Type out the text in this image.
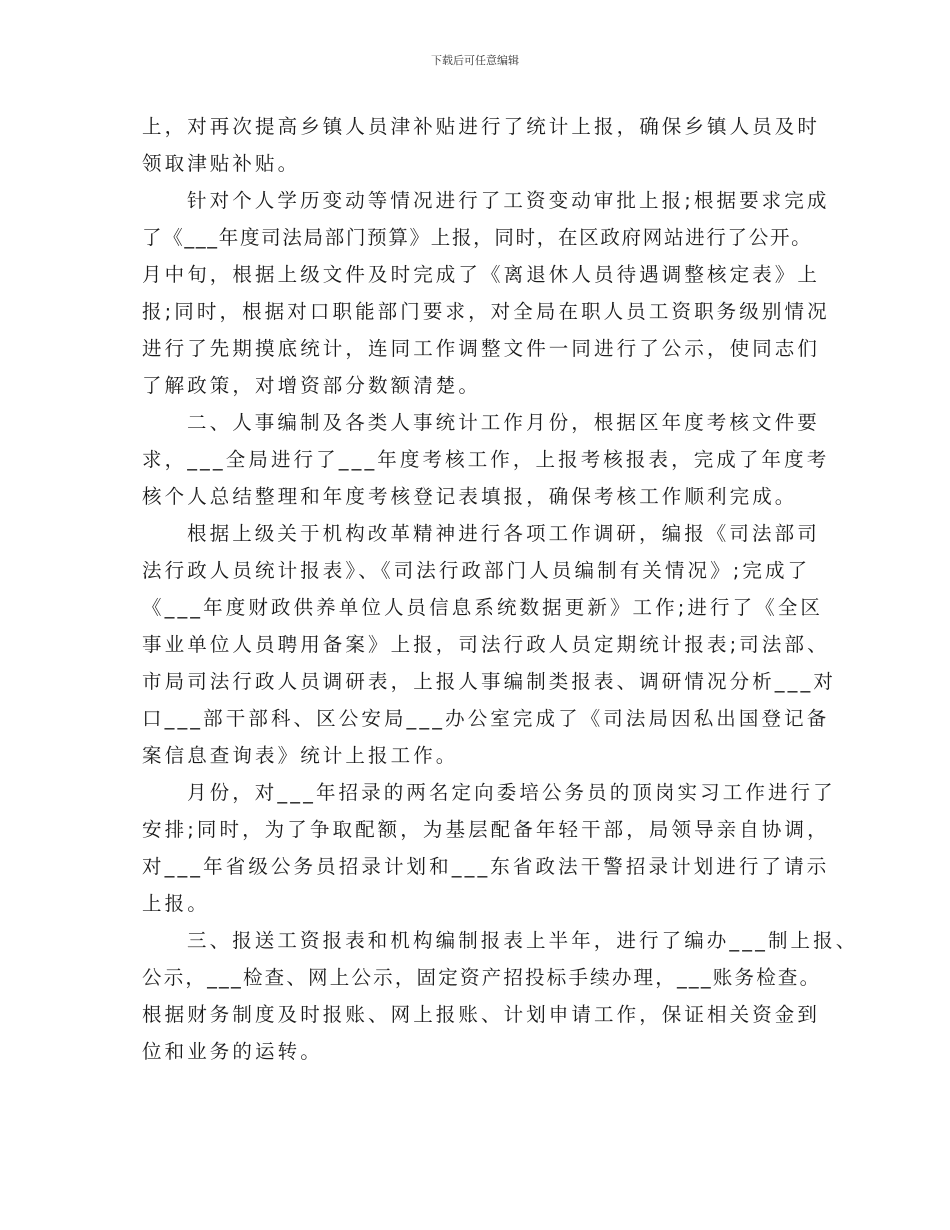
下载后可任意编辑
上，对再次提高乡镇人员津补贴进行了统计上报，确保乡镇人员及时
领取津贴补贴。
针对个人学历变动等情况进行了工资变动审批上报;根据要求完成
了《___年度司法局部门预算》上报，同时，在区政府网站进行了公开。
月中旬，根据上级文件及时完成了《离退休人员待遇调整核定表》上
报;同时，根据对口职能部门要求，对全局在职人员工资职务级别情况
进行了先期摸底统计，连同工作调整文件一同进行了公示，使同志们
了解政策，对增资部分数额清楚。
二、人事编制及各类人事统计工作月份，根据区年度考核文件要
求，___全局进行了___年度考核工作，上报考核报表，完成了年度考
核个人总结整理和年度考核登记表填报，确保考核工作顺利完成。
根据上级关于机构改革精神进行各项工作调研，编报《司法部司
法行政人员统计报表》、《司法行政部门人员编制有关情况》;完成了
《___年度财政供养单位人员信息系统数据更新》工作;进行了《全区
事业单位人员聘用备案》上报，司法行政人员定期统计报表;司法部、
市局司法行政人员调研表，上报人事编制类报表、调研情况分析___对
口___部干部科、区公安局___办公室完成了《司法局因私出国登记备
案信息查询表》统计上报工作。
月份，对___年招录的两名定向委培公务员的顶岗实习工作进行了
安排;同时，为了争取配额，为基层配备年轻干部，局领导亲自协调，
对___年省级公务员招录计划和___东省政法干警招录计划进行了请示
上报。
三、报送工资报表和机构编制报表上半年，进行了编办___制上报、
公示，___检查、网上公示，固定资产招投标手续办理，___账务检查。
根据财务制度及时报账、网上报账、计划申请工作，保证相关资金到
位和业务的运转。
